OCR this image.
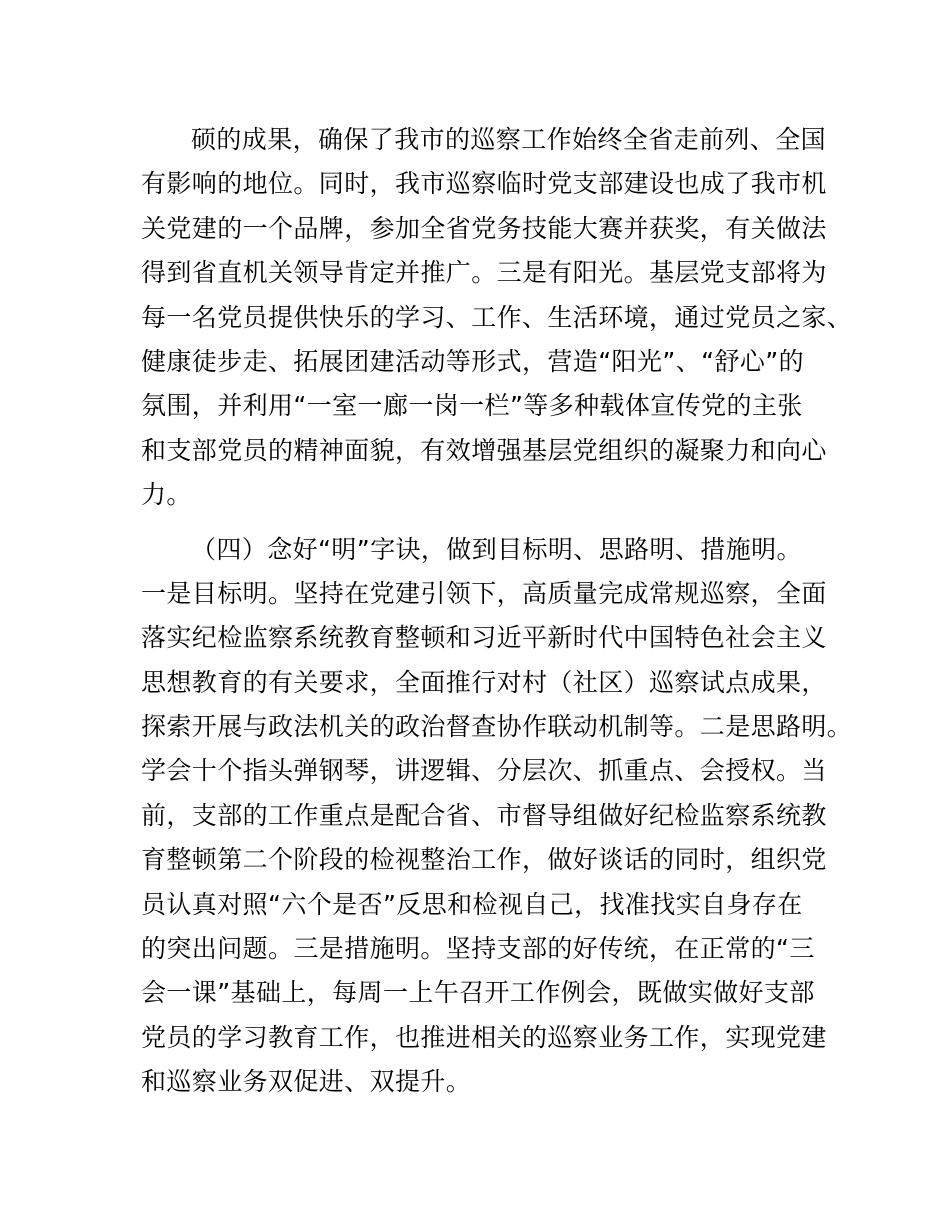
硕的成果，确保了我市的巡察工作始终全省走前列、全国
有影响的地位。同时，我市巡察临时党支部建设也成了我市机
关党建的一个品牌，参加全省党务技能大赛并获奖，有关做法
得到省直机关领导肯定并推广。三是有阳光。基层党支部将为
每一名党员提供快乐的学习、工作、生活环境，通过党员之家、
健康徒步走、拓展团建活动等形式，营造“阳光”、“舒心”的
氛围，并利用“一室一廊一岗一栏”等多种载体宣传党的主张
和支部党员的精神面貌，有效增强基层党组织的凝聚力和向心
力。
（四）念好“明”字诀，做到目标明、思路明、措施明。
一是目标明。坚持在党建引领下，高质量完成常规巡察，全面
落实纪检监察系统教育整顿和习近平新时代中国特色社会主义
思想教育的有关要求，全面推行对村（社区）巡察试点成果，
探索开展与政法机关的政治督查协作联动机制等。二是思路明。
学会十个指头弹钢琴，讲逻辑、分层次、抓重点、会授权。当
前，支部的工作重点是配合省、市督导组做好纪检监察系统教
育整顿第二个阶段的检视整治工作，做好谈话的同时，组织党
员认真对照“六个是否”反思和检视自己，找准找实自身存在
的突出问题。三是措施明。坚持支部的好传统，在正常的“三
会一课”基础上，每周一上午召开工作例会，既做实做好支部
党员的学习教育工作，也推进相关的巡察业务工作，实现党建
和巡察业务双促进、双提升。
